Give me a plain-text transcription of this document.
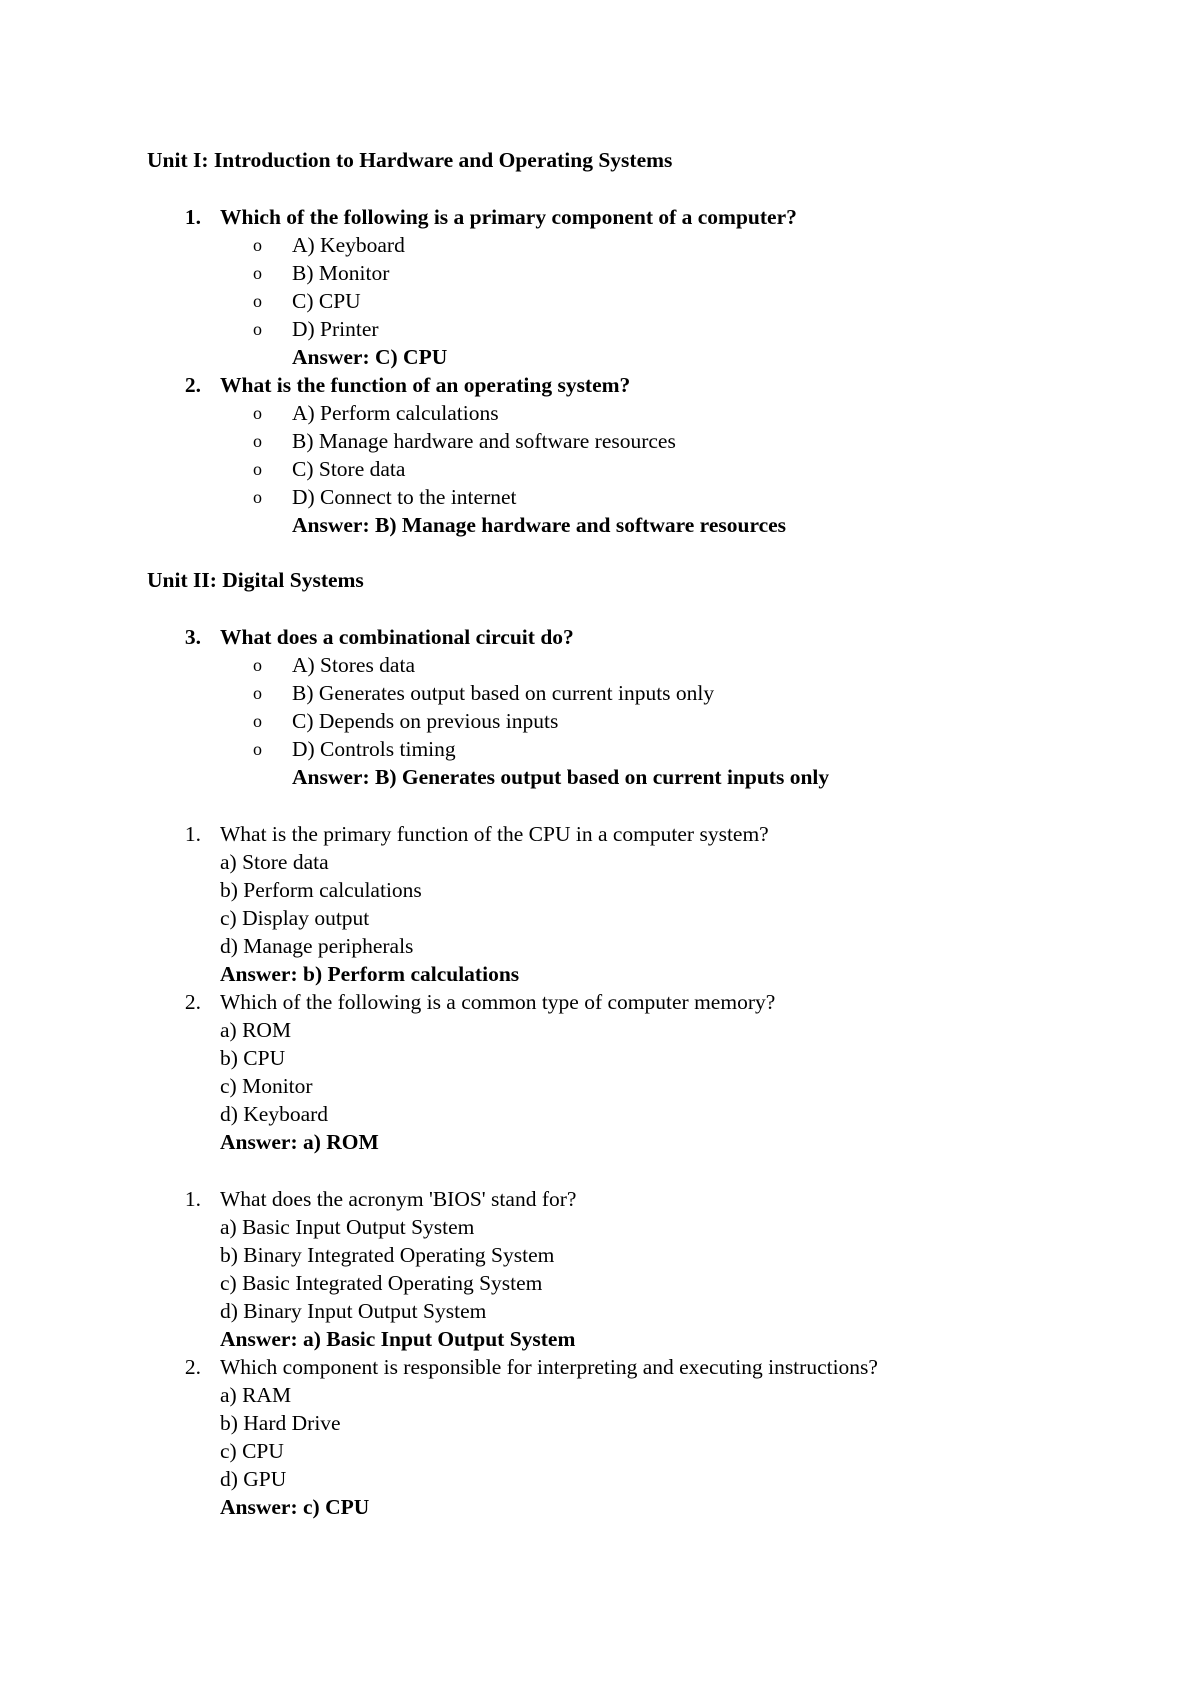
Unit I: Introduction to Hardware and Operating Systems
1. Which of the following is a primary component of a computer?
o A) Keyboard
o B) Monitor
o C) CPU
o D) Printer
Answer: C) CPU
2. What is the function of an operating system?
o A) Perform calculations
o B) Manage hardware and software resources
o C) Store data
o D) Connect to the internet
Answer: B) Manage hardware and software resources
Unit II: Digital Systems
3. What does a combinational circuit do?
o A) Stores data
o B) Generates output based on current inputs only
o C) Depends on previous inputs
o D) Controls timing
Answer: B) Generates output based on current inputs only
1. What is the primary function of the CPU in a computer system?
a) Store data
b) Perform calculations
c) Display output
d) Manage peripherals
Answer: b) Perform calculations
2. Which of the following is a common type of computer memory?
a) ROM
b) CPU
c) Monitor
d) Keyboard
Answer: a) ROM
1. What does the acronym 'BIOS' stand for?
a) Basic Input Output System
b) Binary Integrated Operating System
c) Basic Integrated Operating System
d) Binary Input Output System
Answer: a) Basic Input Output System
2. Which component is responsible for interpreting and executing instructions?
a) RAM
b) Hard Drive
c) CPU
d) GPU
Answer: c) CPU
